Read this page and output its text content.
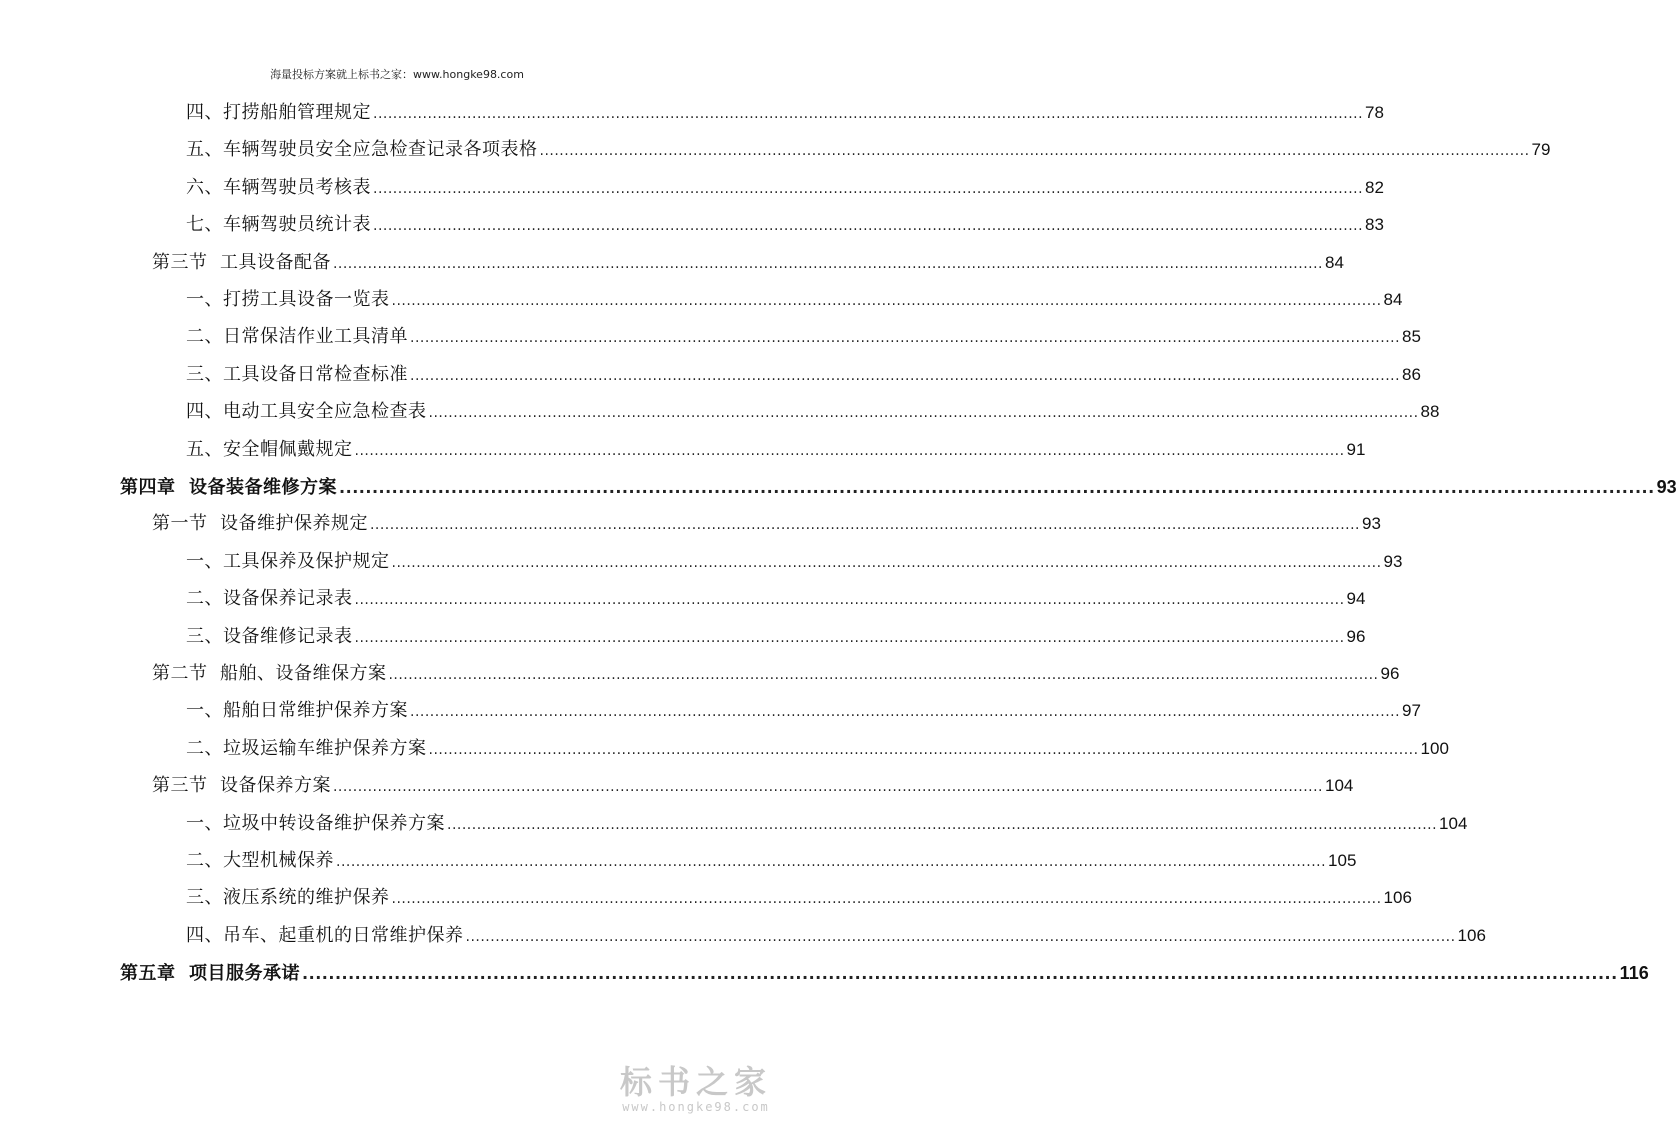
海量投标方案就上标书之家：www.hongke98.com
四、打捞船舶管理规定 ........................................................................................................................................................................................................ 78
五、车辆驾驶员安全应急检查记录各项表格 ........................................................................................................................................................................................................ 79
六、车辆驾驶员考核表 ........................................................................................................................................................................................................ 82
七、车辆驾驶员统计表 ........................................................................................................................................................................................................ 83
第三节  工具设备配备 ........................................................................................................................................................................................................ 84
一、打捞工具设备一览表 ........................................................................................................................................................................................................ 84
二、日常保洁作业工具清单 ........................................................................................................................................................................................................ 85
三、工具设备日常检查标准 ........................................................................................................................................................................................................ 86
四、电动工具安全应急检查表 ........................................................................................................................................................................................................ 88
五、安全帽佩戴规定 ........................................................................................................................................................................................................ 91
第四章  设备装备维修方案 ........................................................................................................................................................................................................ 93
第一节  设备维护保养规定 ........................................................................................................................................................................................................ 93
一、工具保养及保护规定 ........................................................................................................................................................................................................ 93
二、设备保养记录表 ........................................................................................................................................................................................................ 94
三、设备维修记录表 ........................................................................................................................................................................................................ 96
第二节  船舶、设备维保方案 ........................................................................................................................................................................................................ 96
一、船舶日常维护保养方案 ........................................................................................................................................................................................................ 97
二、垃圾运输车维护保养方案 ........................................................................................................................................................................................................ 100
第三节  设备保养方案 ........................................................................................................................................................................................................ 104
一、垃圾中转设备维护保养方案 ........................................................................................................................................................................................................ 104
二、大型机械保养 ........................................................................................................................................................................................................ 105
三、液压系统的维护保养 ........................................................................................................................................................................................................ 106
四、吊车、起重机的日常维护保养 ........................................................................................................................................................................................................ 106
第五章  项目服务承诺 ........................................................................................................................................................................................................ 116
标书之家
www.hongke98.com
